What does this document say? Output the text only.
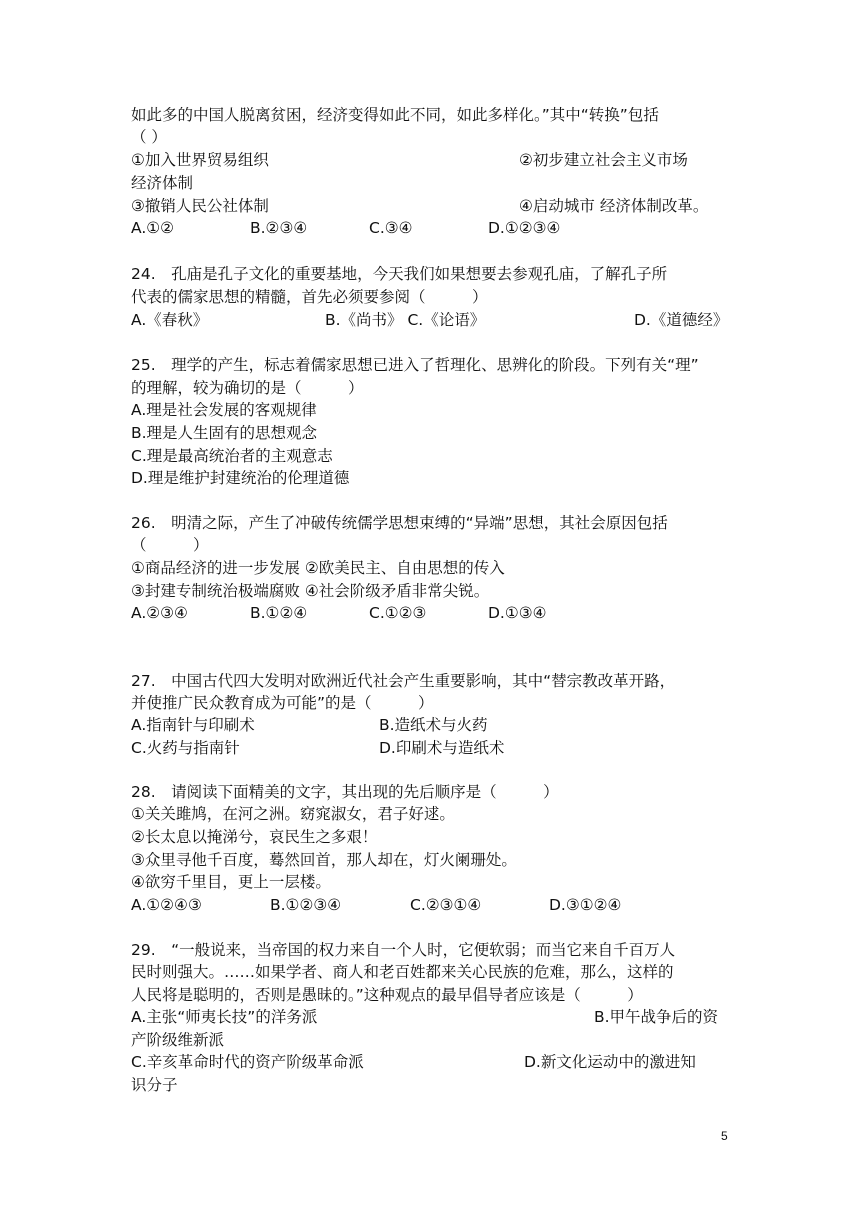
如此多的中国人脱离贫困，经济变得如此不同，如此多样化。”其中“转换”包括

（ ）

①加入世界贸易组织	②初步建立社会主义市场

经济体制

③撤销人民公社体制	④启动城市 经济体制改革。
A.①②	B.②③④	C.③④	D.①②③④

24.　孔庙是孔子文化的重要基地，今天我们如果想要去参观孔庙，了解孔子所

代表的儒家思想的精髓，首先必须要参阅（　　　）

A.《春秋》	B.《尚书》 C.《论语》	D.《道德经》

25.　理学的产生，标志着儒家思想已进入了哲理化、思辨化的阶段。下列有关“理”

的理解，较为确切的是（　　　）

A.理是社会发展的客观规律

B.理是人生固有的思想观念

C.理是最高统治者的主观意志

D.理是维护封建统治的伦理道德

26.　明清之际，产生了冲破传统儒学思想束缚的“异端”思想，其社会原因包括

（　　　）

①商品经济的进一步发展 ②欧美民主、自由思想的传入

③封建专制统治极端腐败 ④社会阶级矛盾非常尖锐。

A.②③④	B.①②④	C.①②③	D.①③④

27.　中国古代四大发明对欧洲近代社会产生重要影响，其中“替宗教改革开路，

并使推广民众教育成为可能”的是（　　　）

A.指南针与印刷术	B.造纸术与火药
C.火药与指南针	D.印刷术与造纸术

28.　请阅读下面精美的文字，其出现的先后顺序是（　　　）

①关关雎鸠，在河之洲。窈窕淑女，君子好逑。

②长太息以掩涕兮，哀民生之多艰！

③众里寻他千百度，蓦然回首，那人却在，灯火阑珊处。

④欲穷千里目，更上一层楼。

A.①②④③	B.①②③④	C.②③①④	D.③①②④

29.　“一般说来，当帝国的权力来自一个人时，它便软弱；而当它来自千百万人

民时则强大。……如果学者、商人和老百姓都来关心民族的危难，那么，这样的

人民将是聪明的，否则是愚昧的。”这种观点的最早倡导者应该是（　　　）

A.主张“师夷长技”的洋务派	B.甲午战争后的资

产阶级维新派

C.辛亥革命时代的资产阶级革命派	D.新文化运动中的激进知

识分子

5
